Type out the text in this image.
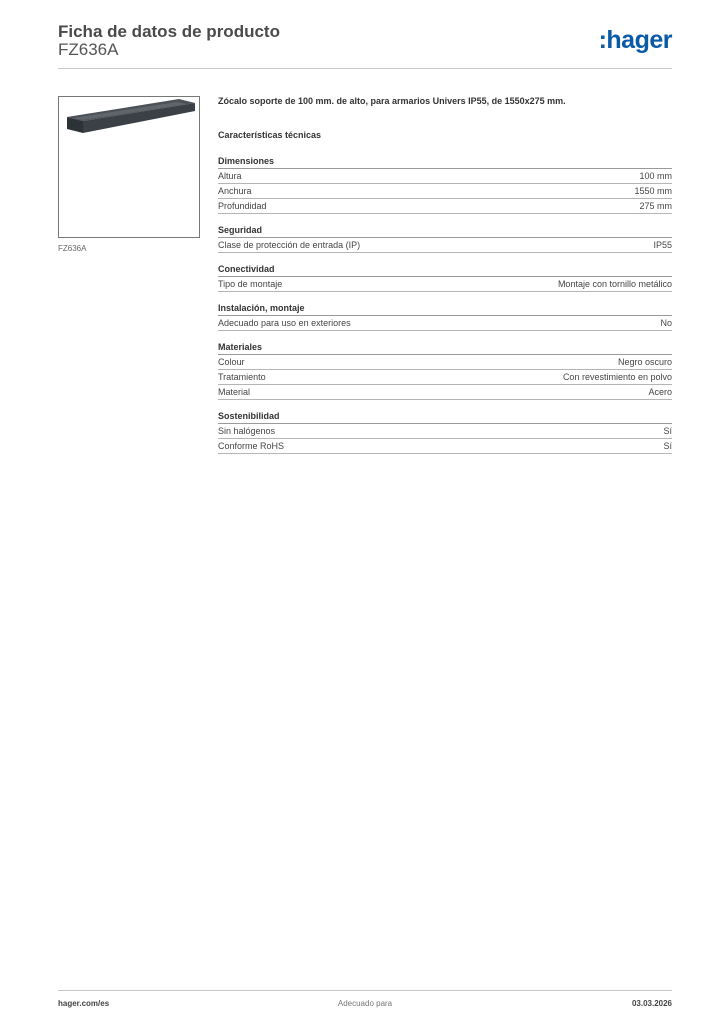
Ficha de datos de producto
FZ636A	:hager
FZ636A
Zócalo soporte de 100 mm. de alto, para armarios Univers IP55, de 1550x275 mm.
Características técnicas
Dimensiones
Altura	100 mm
Anchura	1550 mm
Profundidad	275 mm
Seguridad
Clase de protección de entrada (IP)	IP55
Conectividad
Tipo de montaje	Montaje con tornillo metálico
Instalación, montaje
Adecuado para uso en exteriores	No
Materiales
Colour	Negro oscuro
Tratamiento	Con revestimiento en polvo
Material	Acero
Sostenibilidad
Sin halógenos	Sí
Conforme RoHS	Sí
hager.com/es	Adecuado para	03.03.2026
